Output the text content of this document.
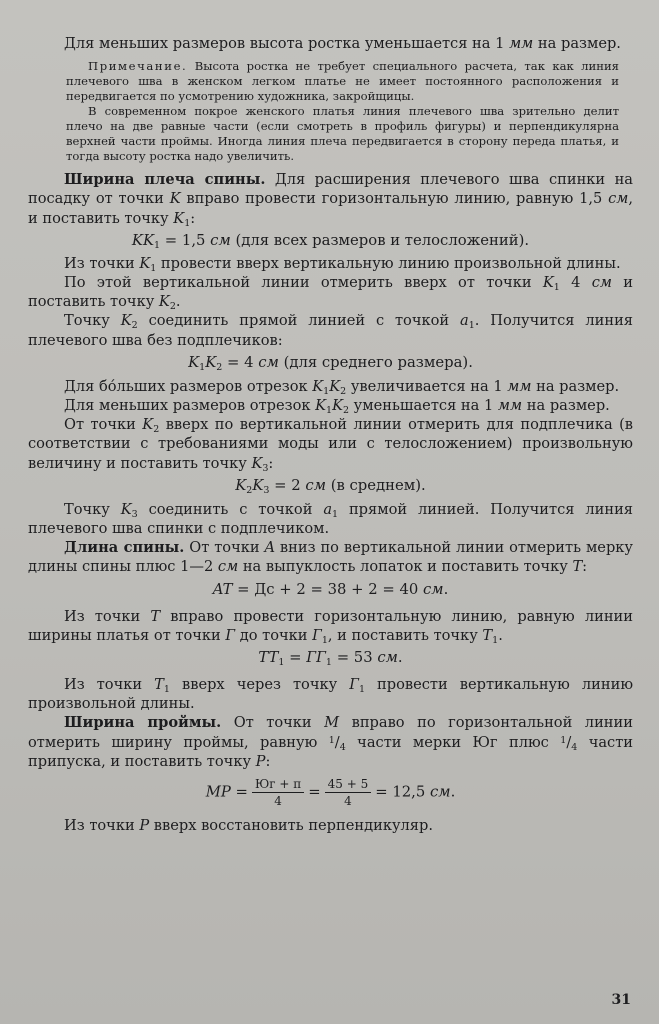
Для меньших размеров высота ростка уменьшается на 1 мм на размер.

Примечание. Высота ростка не требует специального расчета, так как линия плечевого шва в женском легком платье не имеет постоянного расположения и передвигается по усмотрению художника, закройщицы.

В современном покрое женского платья линия плечевого шва зрительно делит плечо на две равные части (если смотреть в профиль фигуры) и перпендикулярна верхней части проймы. Иногда линия плеча передвигается в сторону переда платья, и тогда высоту ростка надо увеличить.

Ширина плеча спины. Для расширения плечевого шва спинки на посадку от точки K вправо провести горизонтальную линию, равную 1,5 см, и поставить точку $K_1$:

$KK_1 = 1,5$ см (для всех размеров и телосложений).

Из точки $K_1$ провести вверх вертикальную линию произвольной длины.

По этой вертикальной линии отмерить вверх от точки $K_1$ 4 см и поставить точку $K_2$.

Точку $K_2$ соединить прямой линией с точкой $a_1$. Получится линия плечевого шва без подплечиков:

$K_1K_2 = 4$ см (для среднего размера).

Для бо́льших размеров отрезок $K_1K_2$ увеличивается на 1 мм на размер.

Для меньших размеров отрезок $K_1K_2$ уменьшается на 1 мм на размер.

От точки $K_2$ вверх по вертикальной линии отмерить для подплечика (в соответствии с требованиями моды или с телосложением) произвольную величину и поставить точку $K_3$:

$K_2K_3 = 2$ см (в среднем).

Точку $K_3$ соединить с точкой $a_1$ прямой линией. Получится линия плечевого шва спинки с подплечиком.

Длина спины. От точки A вниз по вертикальной линии отмерить мерку длины спины плюс 1—2 см на выпуклость лопаток и поставить точку T:

AT = Дс + 2 = 38 + 2 = 40 см.

Из точки T вправо провести горизонтальную линию, равную линии ширины платья от точки Г до точки $Г_1$, и поставить точку $T_1$.

$TT_1 = ГГ_1 = 53$ см.

Из точки $T_1$ вверх через точку $Г_1$ провести вертикальную линию произвольной длины.

Ширина проймы. От точки M вправо по горизонтальной линии отмерить ширину проймы, равную $^1/_4$ части мерки Юг плюс $^1/_4$ части припуска, и поставить точку P:

MP = $\frac{Юг + п}{4} = \frac{45 + 5}{4} = 12,5$ см.

Из точки P вверх восстановить перпендикуляр.

31
